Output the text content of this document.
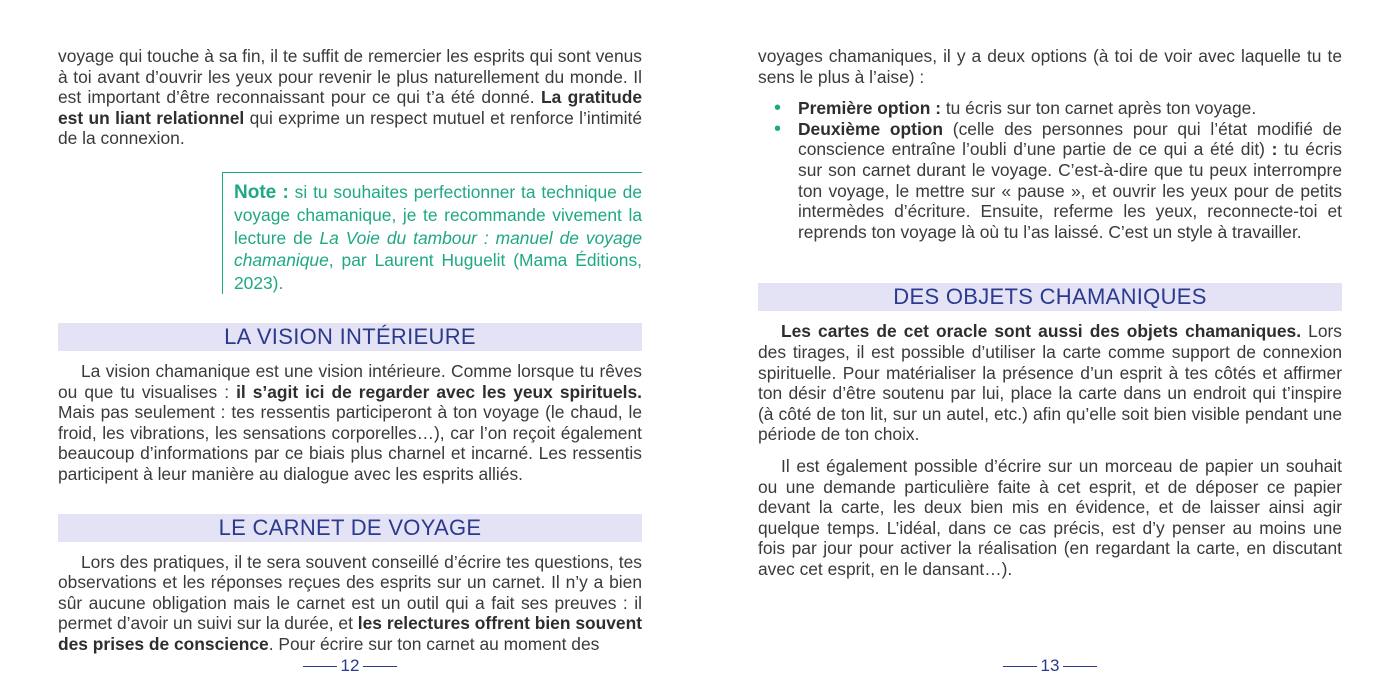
voyage qui touche à sa fin, il te suffit de remercier les esprits qui sont venus à toi avant d’ouvrir les yeux pour revenir le plus naturellement du monde. Il est important d’être reconnaissant pour ce qui t’a été donné. La gratitude est un liant relationnel qui exprime un respect mutuel et renforce l’intimité de la connexion.

Note : si tu souhaites perfectionner ta technique de voyage chamanique, je te recommande vivement la lecture de La Voie du tambour : manuel de voyage chamanique, par Laurent Huguelit (Mama Éditions, 2023).
LA VISION INTÉRIEURE

La vision chamanique est une vision intérieure. Comme lorsque tu rêves ou que tu visualises : il s’agit ici de regarder avec les yeux spirituels. Mais pas seulement : tes ressentis participeront à ton voyage (le chaud, le froid, les vibrations, les sensations corporelles…), car l’on reçoit également beaucoup d’informations par ce biais plus charnel et incarné. Les ressentis participent à leur manière au dialogue avec les esprits alliés.

LE CARNET DE VOYAGE

Lors des pratiques, il te sera souvent conseillé d’écrire tes questions, tes observations et les réponses reçues des esprits sur un carnet. Il n’y a bien sûr aucune obligation mais le carnet est un outil qui a fait ses preuves : il permet d’avoir un suivi sur la durée, et les relectures offrent bien souvent des prises de conscience. Pour écrire sur ton carnet au moment des

12

voyages chamaniques, il y a deux options (à toi de voir avec laquelle tu te sens le plus à l’aise) :

• Première option : tu écris sur ton carnet après ton voyage.
• Deuxième option (celle des personnes pour qui l’état modifié de conscience entraîne l’oubli d’une partie de ce qui a été dit) : tu écris sur son carnet durant le voyage. C’est-à-dire que tu peux interrompre ton voyage, le mettre sur « pause », et ouvrir les yeux pour de petits intermèdes d’écriture. Ensuite, referme les yeux, reconnecte-toi et reprends ton voyage là où tu l’as laissé. C’est un style à travailler.
DES OBJETS CHAMANIQUES

Les cartes de cet oracle sont aussi des objets chamaniques. Lors des tirages, il est possible d’utiliser la carte comme support de connexion spirituelle. Pour matérialiser la présence d’un esprit à tes côtés et affirmer ton désir d’être soutenu par lui, place la carte dans un endroit qui t’inspire (à côté de ton lit, sur un autel, etc.) afin qu’elle soit bien visible pendant une période de ton choix.

Il est également possible d’écrire sur un morceau de papier un souhait ou une demande particulière faite à cet esprit, et de déposer ce papier devant la carte, les deux bien mis en évidence, et de laisser ainsi agir quelque temps. L’idéal, dans ce cas précis, est d’y penser au moins une fois par jour pour activer la réalisation (en regardant la carte, en discutant avec cet esprit, en le dansant…).

13
